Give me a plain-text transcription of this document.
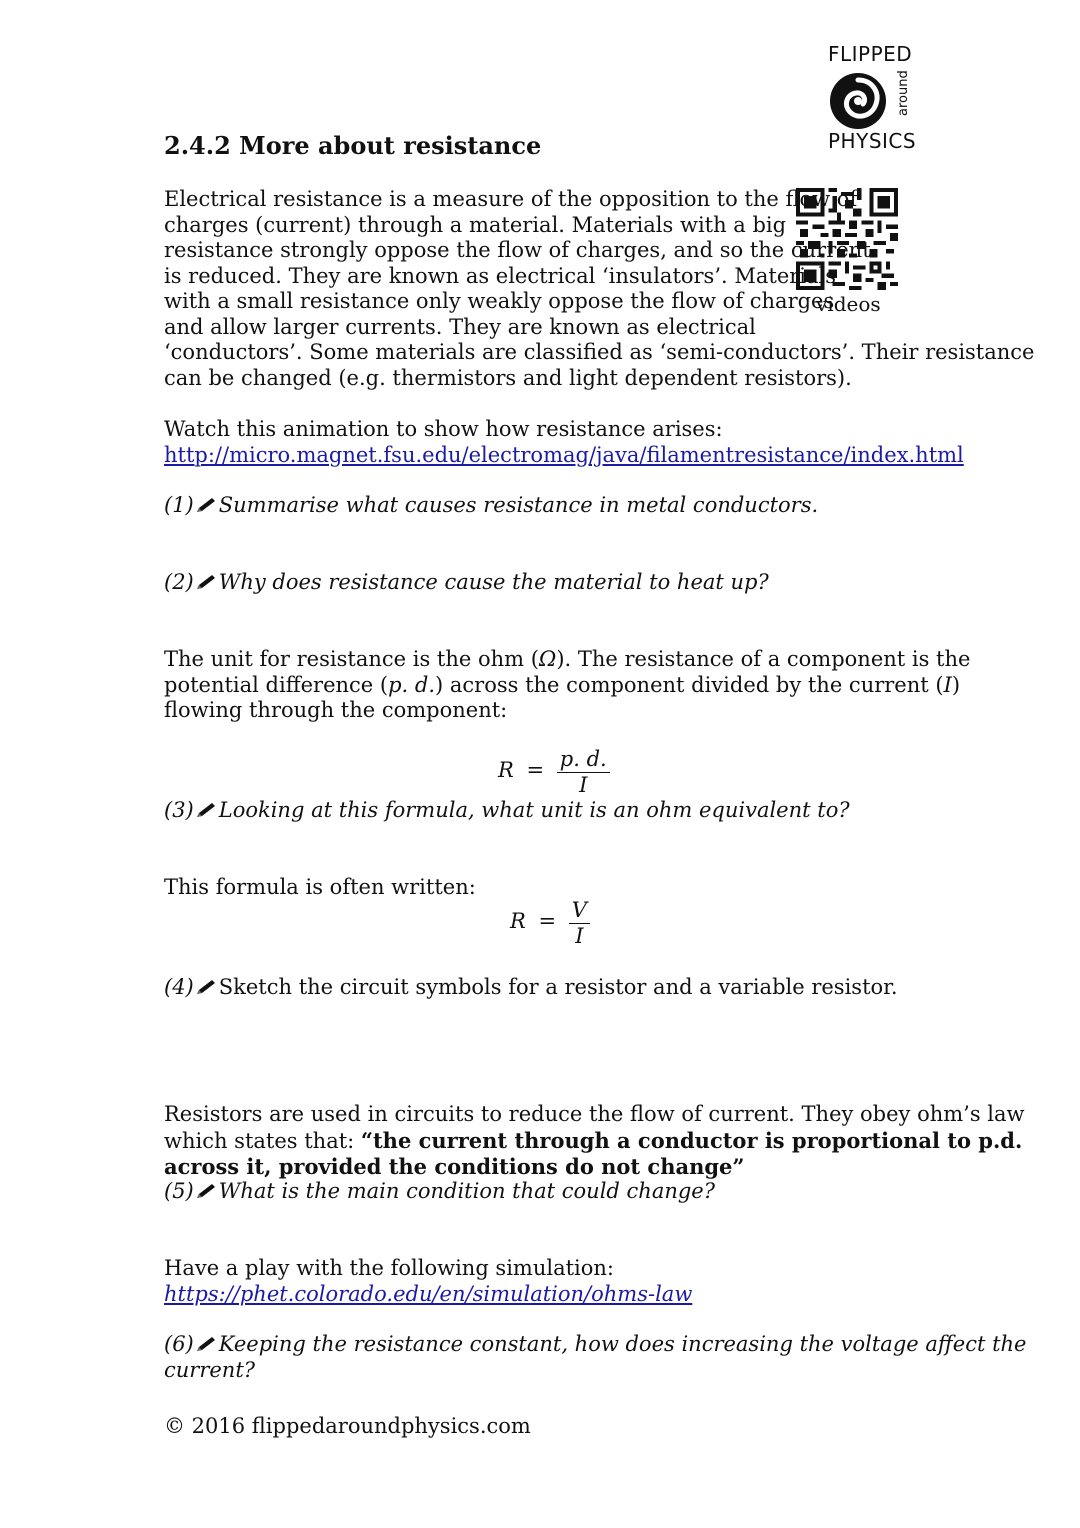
FLIPPED
around
PHYSICS
2.4.2 More about resistance
videos

Electrical resistance is a measure of the opposition to the flow of

charges (current) through a material. Materials with a big

resistance strongly oppose the flow of charges, and so the current

is reduced. They are known as electrical ‘insulators’. Materials

with a small resistance only weakly oppose the flow of charges

and allow larger currents. They are known as electrical

‘conductors’. Some materials are classified as ‘semi-conductors’. Their resistance

can be changed (e.g. thermistors and light dependent resistors).

Watch this animation to show how resistance arises:

http://micro.magnet.fsu.edu/electromag/java/filamentresistance/index.html

(1) Summarise what causes resistance in metal conductors.

(2) Why does resistance cause the material to heat up?

The unit for resistance is the ohm (Ω). The resistance of a component is the

potential difference (p. d.) across the component divided by the current (I)

flowing through the component:

$R = \frac{p. d.}{I}$

(3) Looking at this formula, what unit is an ohm equivalent to?

This formula is often written:

$R = \frac{V}{I}$

(4) Sketch the circuit symbols for a resistor and a variable resistor.

Resistors are used in circuits to reduce the flow of current. They obey ohm’s law

which states that: “the current through a conductor is proportional to p.d.

across it, provided the conditions do not change”

(5) What is the main condition that could change?

Have a play with the following simulation:

https://phet.colorado.edu/en/simulation/ohms-law

(6) Keeping the resistance constant, how does increasing the voltage affect the

current?

© 2016 flippedaroundphysics.com
